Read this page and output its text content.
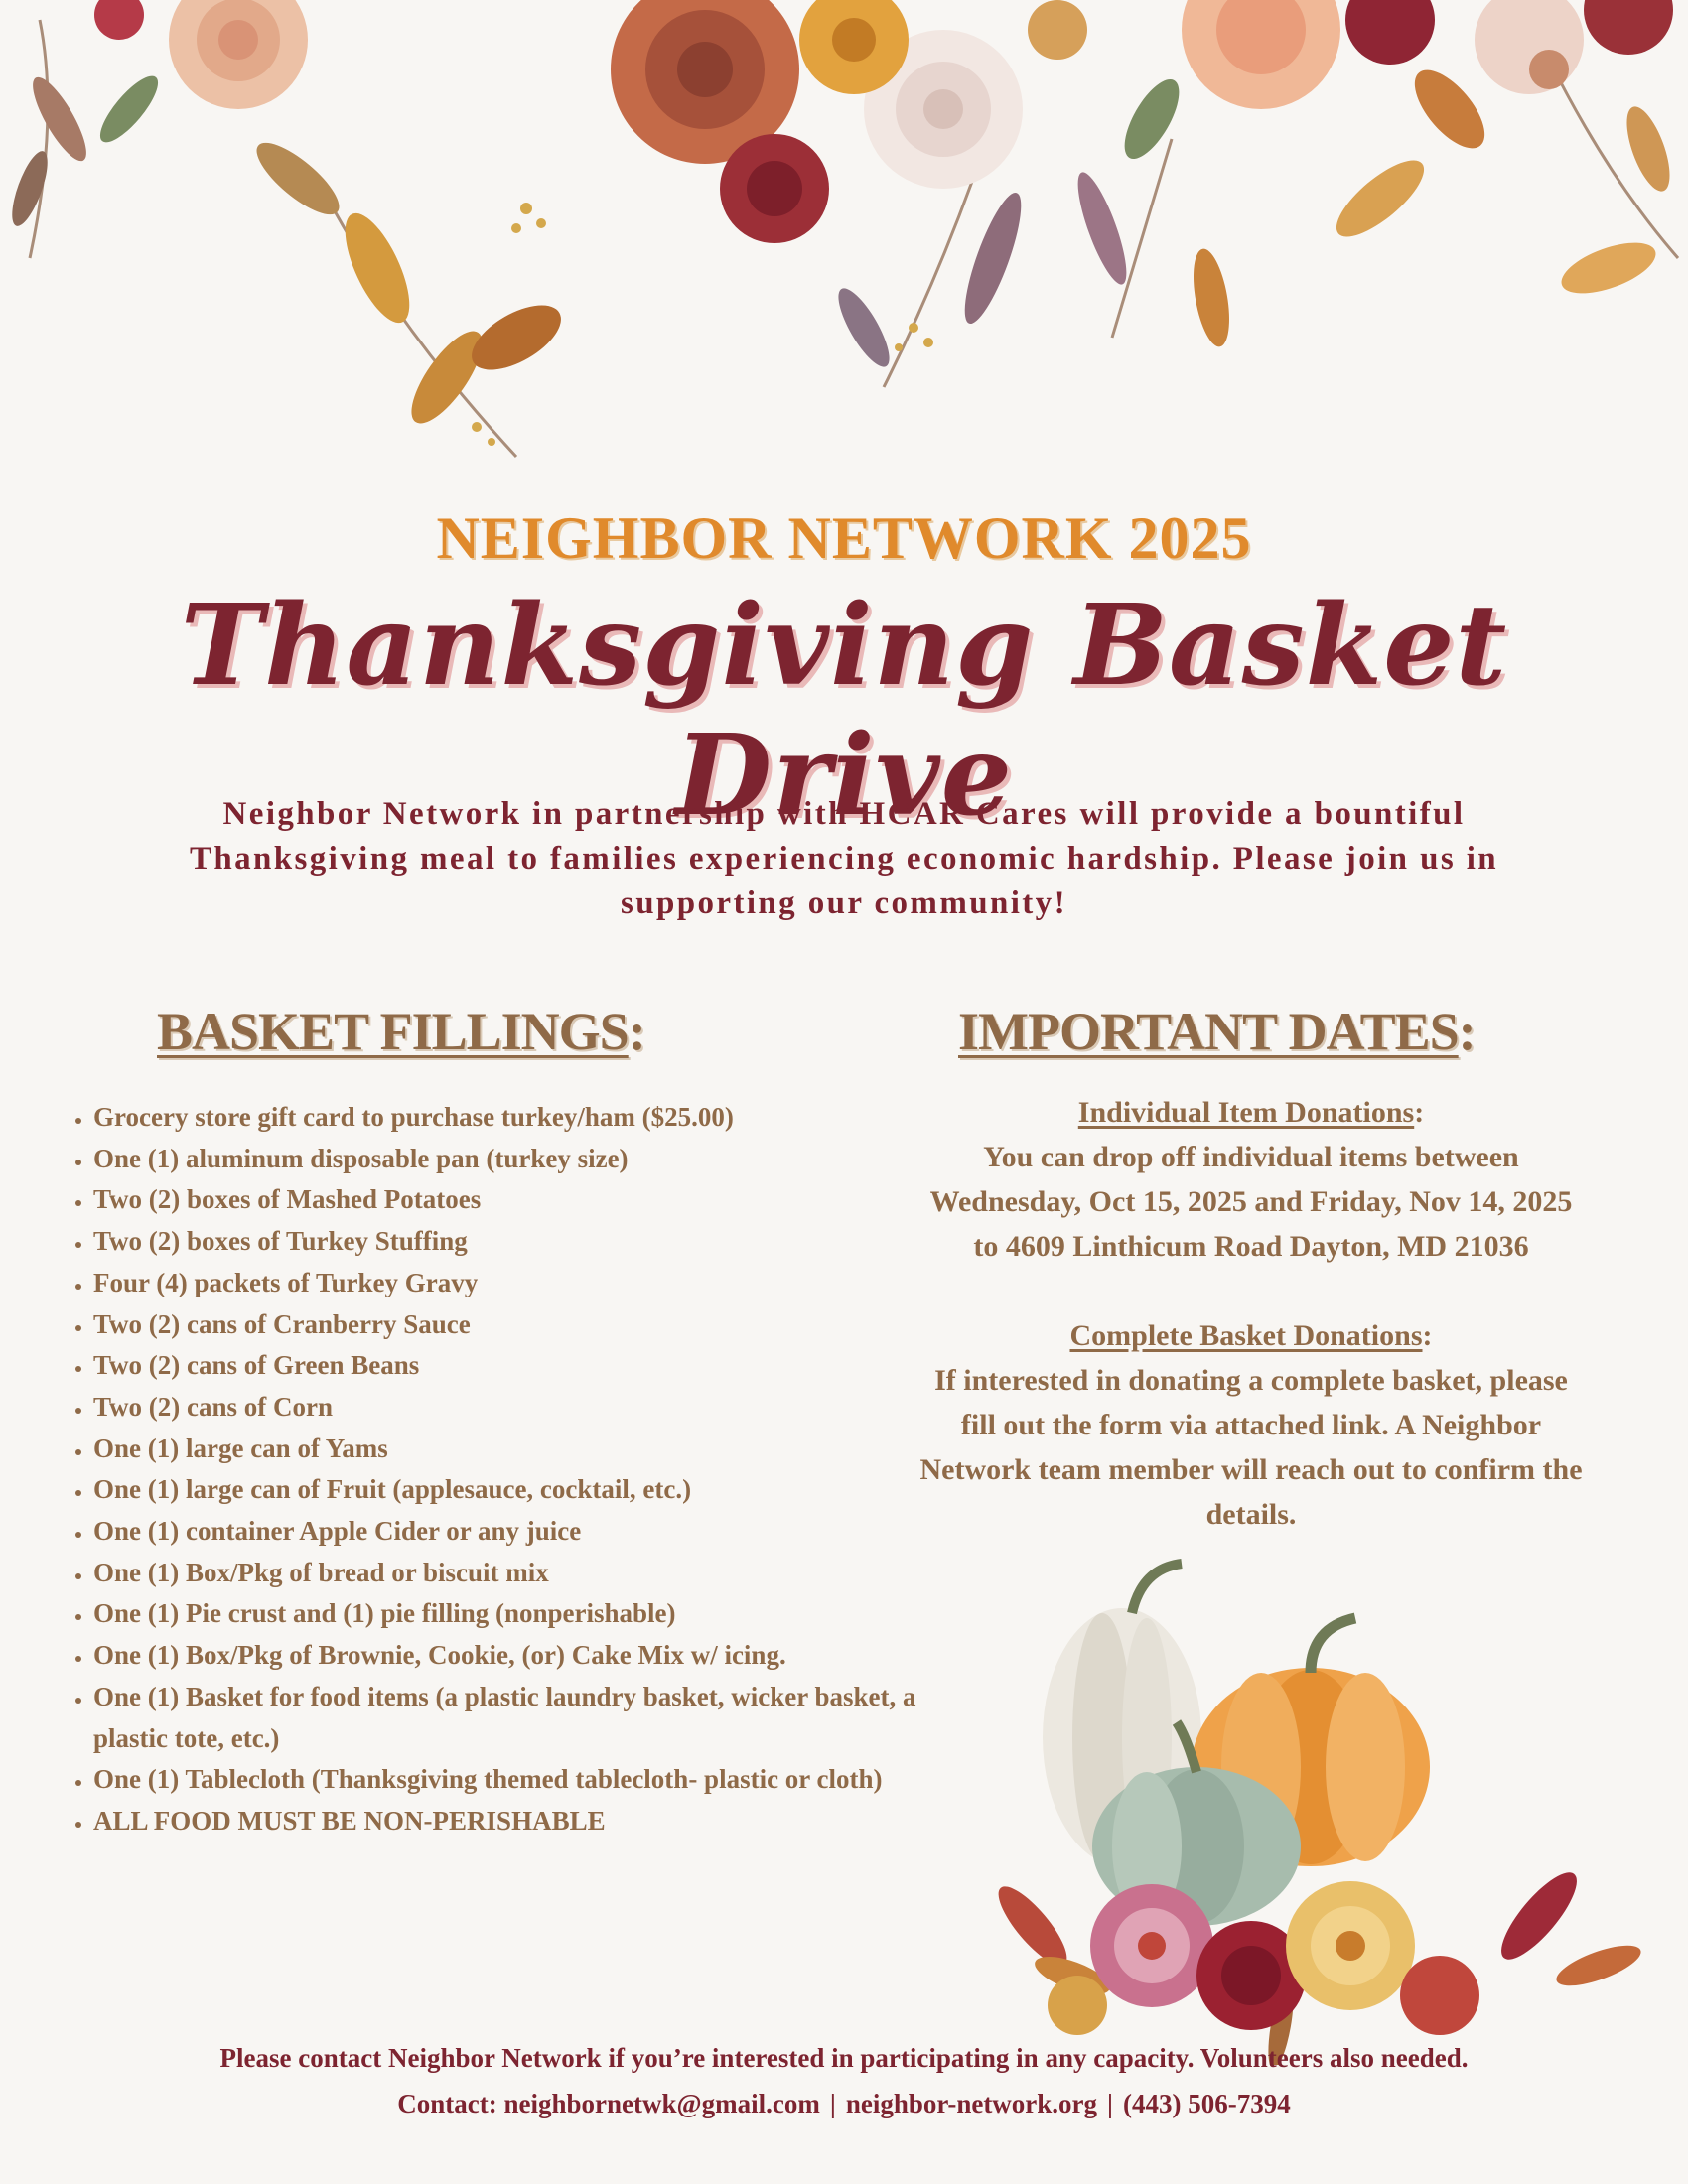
NEIGHBOR NETWORK 2025
Thanksgiving Basket Drive
Neighbor Network in partnership with HCAR Cares will provide a bountiful
Thanksgiving meal to families experiencing economic hardship. Please join us in
supporting our community!
BASKET FILLINGS:	IMPORTANT DATES:
• Grocery store gift card to purchase turkey/ham ($25.00)
• One (1) aluminum disposable pan (turkey size)
• Two (2) boxes of Mashed Potatoes
• Two (2) boxes of Turkey Stuffing
• Four (4) packets of Turkey Gravy
• Two (2) cans of Cranberry Sauce
• Two (2) cans of Green Beans
• Two (2) cans of Corn
• One (1) large can of Yams
• One (1) large can of Fruit (applesauce, cocktail, etc.)
• One (1) container Apple Cider or any juice
• One (1) Box/Pkg of bread or biscuit mix
• One (1) Pie crust and (1) pie filling (nonperishable)
• One (1) Box/Pkg of Brownie, Cookie, (or) Cake Mix w/ icing.
• One (1) Basket for food items (a plastic laundry basket, wicker basket, a plastic tote, etc.)
• One (1) Tablecloth (Thanksgiving themed tablecloth- plastic or cloth)
• ALL FOOD MUST BE NON-PERISHABLE

Individual Item Donations:

You can drop off individual items between

Wednesday, Oct 15, 2025 and Friday, Nov 14, 2025

to 4609 Linthicum Road Dayton, MD 21036

Complete Basket Donations:

If interested in donating a complete basket, please

fill out the form via attached link. A Neighbor

Network team member will reach out to confirm the

details.

Please contact Neighbor Network if you’re interested in participating in any capacity. Volunteers also needed.
Contact: neighbornetwk@gmail.com | neighbor-network.org | (443) 506-7394
